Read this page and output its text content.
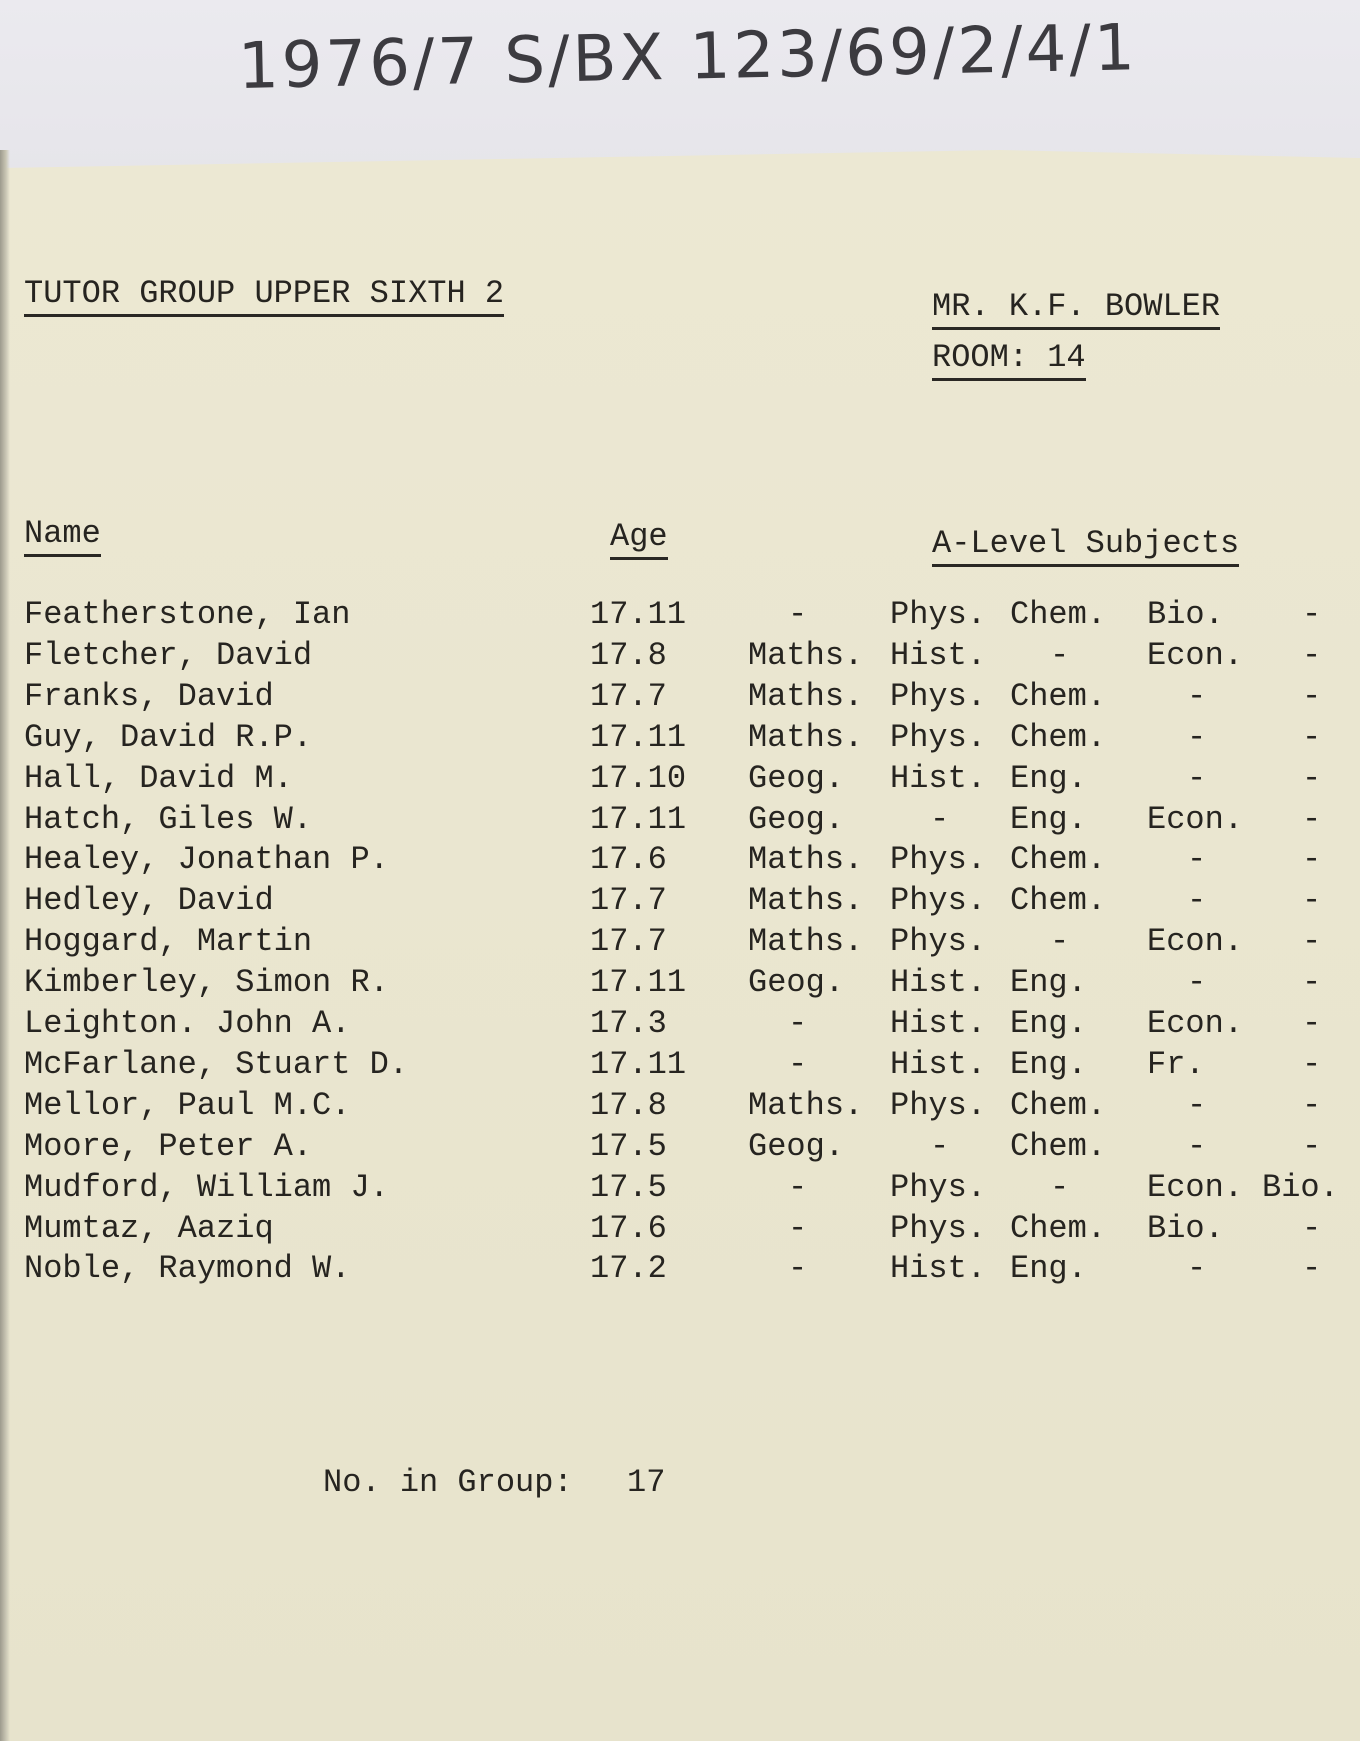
1976/7 S/BX 123/69/2/4/1
TUTOR GROUP UPPER SIXTH 2	MR. K.F. BOWLER
ROOM: 14
Name	Age	A-Level Subjects
Featherstone, Ian	17.11	-	Phys. Chem. Bio. -
Fletcher, David	17.8	Maths. Hist. - Econ. -
Franks, David	17.7	Maths. Phys. Chem.	-	-
Guy, David R.P.	17.11 Maths. Phys. Chem.	-	-
Hall, David M.	17.10 Geog. Hist. Eng.	-	-
Hatch, Giles W.	17.11 Geog.	- Eng. Econ. -
Healey, Jonathan P.	17.6	Maths. Phys. Chem.	-	-
Hedley, David	17.7	Maths. Phys. Chem.	-	-
Hoggard, Martin	17.7	Maths. Phys. - Econ. -
Kimberley, Simon R.	17.11 Geog. Hist. Eng.	-	-
Leighton. John A.	17.3	-	Hist. Eng. Econ. -
McFarlane, Stuart D.	17.11	-	Hist. Eng. Fr.	-
Mellor, Paul M.C.	17.8	Maths. Phys. Chem.	-	-
Moore, Peter A.	17.5	Geog.	- Chem.	-	-
Mudford, William J.	17.5	-	Phys. - Econ. Bio.
Mumtaz, Aaziq	17.6	-	Phys. Chem. Bio. -
Noble, Raymond W.	17.2	-	Hist. Eng.	-	-
No. in Group: 17
